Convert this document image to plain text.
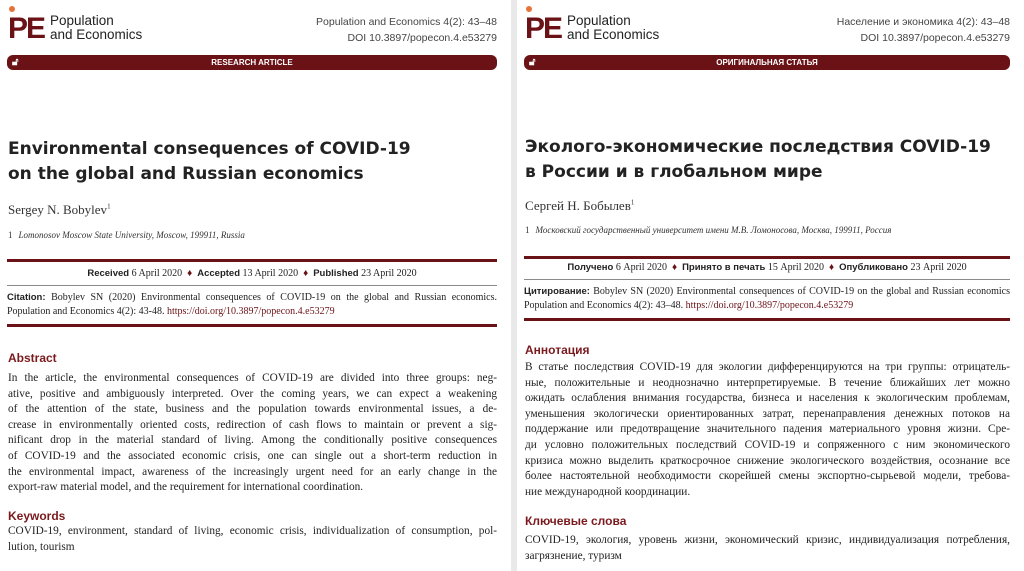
PE Population
and Economics
Population and Economics 4(2): 43–48
DOI 10.3897/popecon.4.e53279
🔓︎	RESEARCH ARTICLE
Environmental consequences of COVID-19
on the global and Russian economics
Sergey N. Bobylev$^1$
1 Lomonosov Moscow State University, Moscow, 199911, Russia
Received 6 April 2020 ♦ Accepted 13 April 2020 ♦ Published 23 April 2020
Citation: Bobylev SN (2020) Environmental consequences of COVID-19 on the global and Russian economics. Population and Economics 4(2): 43-48. https://doi.org/10.3897/popecon.4.e53279
Abstract
In the article, the environmental consequences of COVID-19 are divided into three groups: neg-
ative, positive and ambiguously interpreted. Over the coming years, we can expect a weakening
of the attention of the state, business and the population towards environmental issues, a de-
crease in environmentally oriented costs, redirection of cash flows to maintain or prevent a sig-
nificant drop in the material standard of living. Among the conditionally positive consequences
of COVID-19 and the associated economic crisis, one can single out a short-term reduction in
the environmental impact, awareness of the increasingly urgent need for an early change in the
export-raw material model, and the requirement for international coordination.
Keywords
COVID-19, environment, standard of living, economic crisis, individualization of consumption, pol-
lution, tourism
PE Population
and Economics
Население и экономика 4(2): 43–48
DOI 10.3897/popecon.4.e53279
🔓︎	ОРИГИНАЛЬНАЯ СТАТЬЯ
Эколого-экономические последствия COVID-19
в России и в глобальном мире
Сергей Н. Бобылев$^1$
1 Московский государственный университет имени М.В. Ломоносова, Москва, 199911, Россия
Получено 6 April 2020 ♦ Принято в печать 15 April 2020 ♦ Опубликовано 23 April 2020
Цитирование: Bobylev SN (2020) Environmental consequences of COVID-19 on the global and Russian economics Population and Economics 4(2): 43–48. https://doi.org/10.3897/popecon.4.e53279
Аннотация
В статье последствия COVID-19 для экологии дифференцируются на три группы: отрицатель-
ные, положительные и неоднозначно интерпретируемые. В течение ближайших лет можно
ожидать ослабления внимания государства, бизнеса и населения к экологическим проблемам,
уменьшения экологически ориентированных затрат, перенаправления денежных потоков на
поддержание или предотвращение значительного падения материального уровня жизни. Сре-
ди условно положительных последствий COVID-19 и сопряженного с ним экономического
кризиса можно выделить краткосрочное снижение экологического воздействия, осознание все
более настоятельной необходимости скорейшей смены экспортно-сырьевой модели, требова-
ние международной координации.
Ключевые слова
COVID-19, экология, уровень жизни, экономический кризис, индивидуализация потребления,
загрязнение, туризм
